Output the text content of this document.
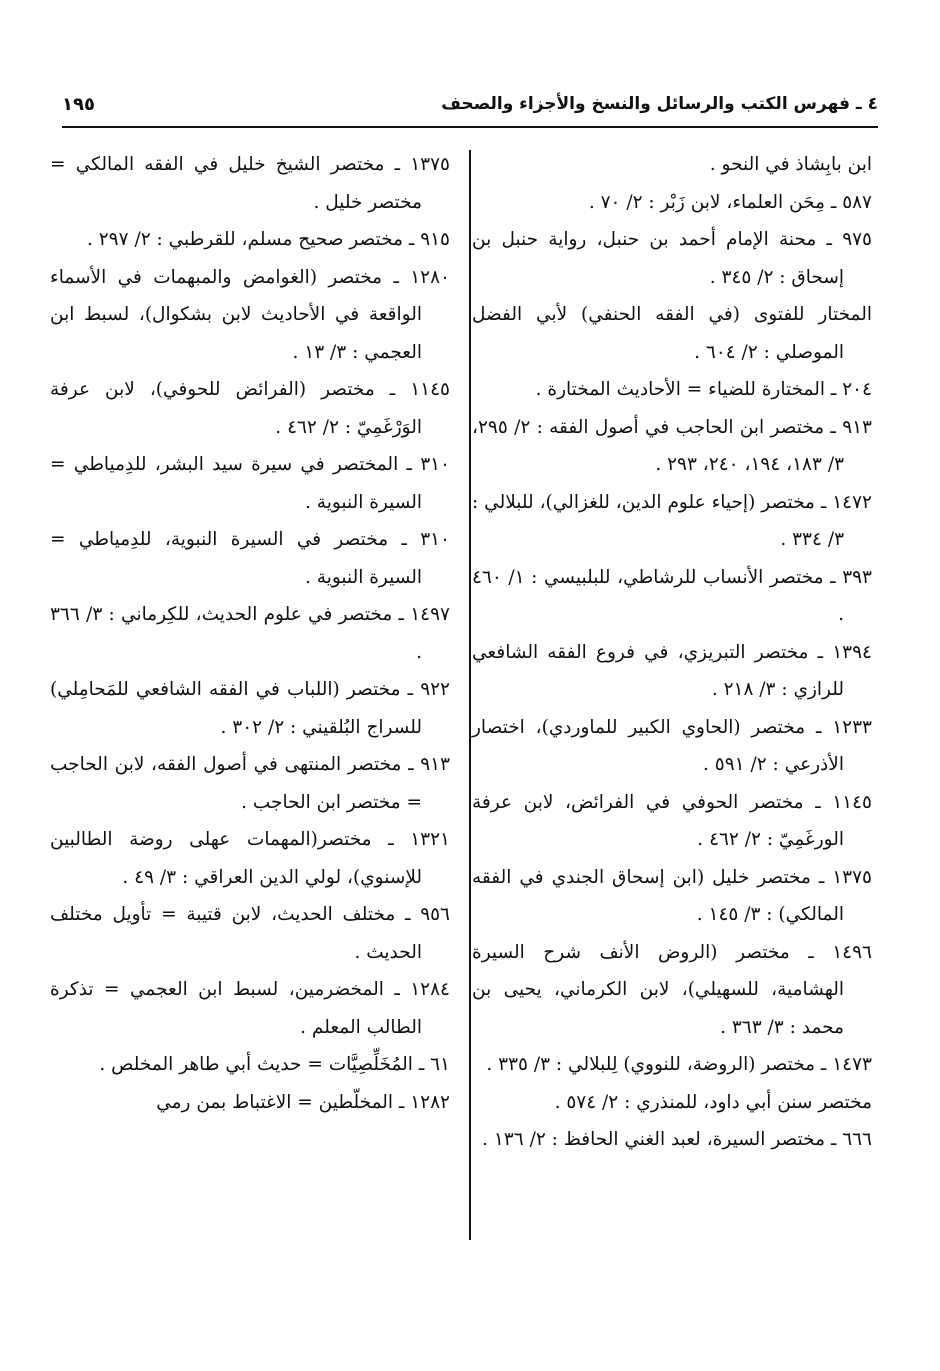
٤ ـ فهرس الكتب والرسائل والنسخ والأجزاء والصحف
١٩٥

ابن بابِشاذ في النحو .

٥٨٧ ـ مِحَن العلماء، لابن زَبْر : ٢/ ٧٠ .

٩٧٥ ـ محنة الإمام أحمد بن حنبل، رواية حنبل بن إسحاق : ٢/ ٣٤٥ .

المختار للفتوى (في الفقه الحنفي) لأبي الفضل الموصلي : ٢/ ٦٠٤ .

٢٠٤ ـ المختارة للضياء = الأحاديث المختارة .

٩١٣ ـ مختصر ابن الحاجب في أصول الفقه : ٢/ ٢٩٥، ٣/ ١٨٣، ١٩٤، ٢٤٠، ٢٩٣ .

١٤٧٢ ـ مختصر (إحياء علوم الدين، للغزالي)، للبلالي : ٣/ ٣٣٤ .

٣٩٣ ـ مختصر الأنساب للرشاطي، للبلبيسي : ١/ ٤٦٠ .

١٣٩٤ ـ مختصر التبريزي، في فروع الفقه الشافعي للرازي : ٣/ ٢١٨ .

١٢٣٣ ـ مختصر (الحاوي الكبير للماوردي)، اختصار الأذرعي : ٢/ ٥٩١ .

١١٤٥ ـ مختصر الحوفي في الفرائض، لابن عرفة الورغَمِيّ : ٢/ ٤٦٢ .

١٣٧٥ ـ مختصر خليل (ابن إسحاق الجندي في الفقه المالكي) : ٣/ ١٤٥ .

١٤٩٦ ـ مختصر (الروض الأنف شرح السيرة الهشامية، للسهيلي)، لابن الكرماني، يحيى بن محمد : ٣/ ٣٦٣ .

١٤٧٣ ـ مختصر (الروضة، للنووي) لِلبلالي : ٣/ ٣٣٥ .

مختصر سنن أبي داود، للمنذري : ٢/ ٥٧٤ .

٦٦٦ ـ مختصر السيرة، لعبد الغني الحافظ : ٢/ ١٣٦ .

١٣٧٥ ـ مختصر الشيخ خليل في الفقه المالكي = مختصر خليل .

٩١٥ ـ مختصر صحيح مسلم، للقرطبي : ٢/ ٢٩٧ .

١٢٨٠ ـ مختصر (الغوامض والمبهمات في الأسماء الواقعة في الأحاديث لابن بشكوال)، لسبط ابن العجمي : ٣/ ١٣ .

١١٤٥ ـ مختصر (الفرائض للحوفي)، لابن عرفة الوَرْغَمِيّ : ٢/ ٤٦٢ .

٣١٠ ـ المختصر في سيرة سيد البشر، للدِمياطي = السيرة النبوية .

٣١٠ ـ مختصر في السيرة النبوية، للدِمياطي = السيرة النبوية .

١٤٩٧ ـ مختصر في علوم الحديث، للكِرماني : ٣/ ٣٦٦ .

٩٢٢ ـ مختصر (اللباب في الفقه الشافعي للمَحامِلي) للسراج البُلقيني : ٢/ ٣٠٢ .

٩١٣ ـ مختصر المنتهى في أصول الفقه، لابن الحاجب = مختصر ابن الحاجب .

١٣٢١ ـ مختصر(المهمات عهلى روضة الطالبين للإسنوي)، لولي الدين العراقي : ٣/ ٤٩ .

٩٥٦ ـ مختلف الحديث، لابن قتيبة = تأويل مختلف الحديث .

١٢٨٤ ـ المخضرمين، لسبط ابن العجمي = تذكرة الطالب المعلم .

٦١ ـ المُخَلِّصِيَّات = حديث أبي طاهر المخلص .

١٢٨٢ ـ المخلّطين = الاغتباط بمن رمي
